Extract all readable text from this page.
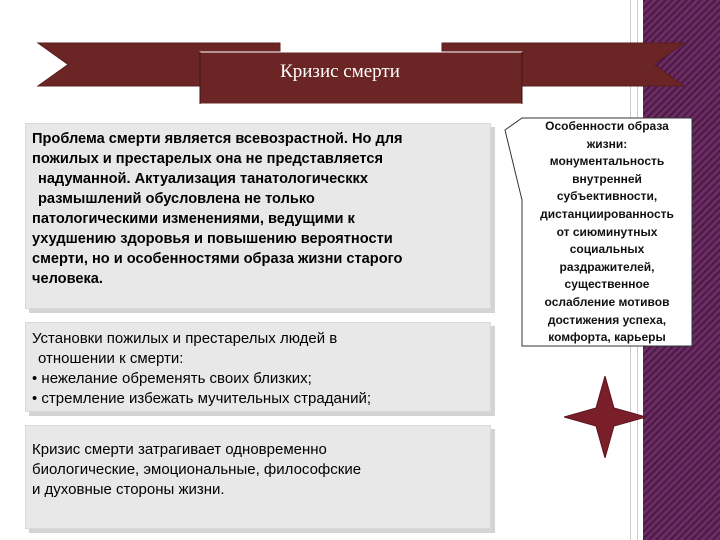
Кризис смерти

Проблема смерти является всевозрастной. Но для

пожилых и престарелых она не представляется

надуманной. Актуализация танатологическкх

размышлений обусловлена не только

патологическими изменениями, ведущими к

ухудшению здоровья и повышению вероятности

смерти, но и особенностями образа жизни старого

человека.

Установки пожилых и престарелых людей в

отношении к смерти:

• нежелание обременять своих близких;

• стремление избежать мучительных страданий;

Кризис смерти затрагивает одновременно

биологические, эмоциональные, философские

и духовные стороны жизни.

Особенности образа
жизни:
монументальность
внутренней
субъективности,
дистанциированность
от сиюминутных
социальных
раздражителей,
существенное
ослабление мотивов
достижения успеха,
комфорта, карьеры
